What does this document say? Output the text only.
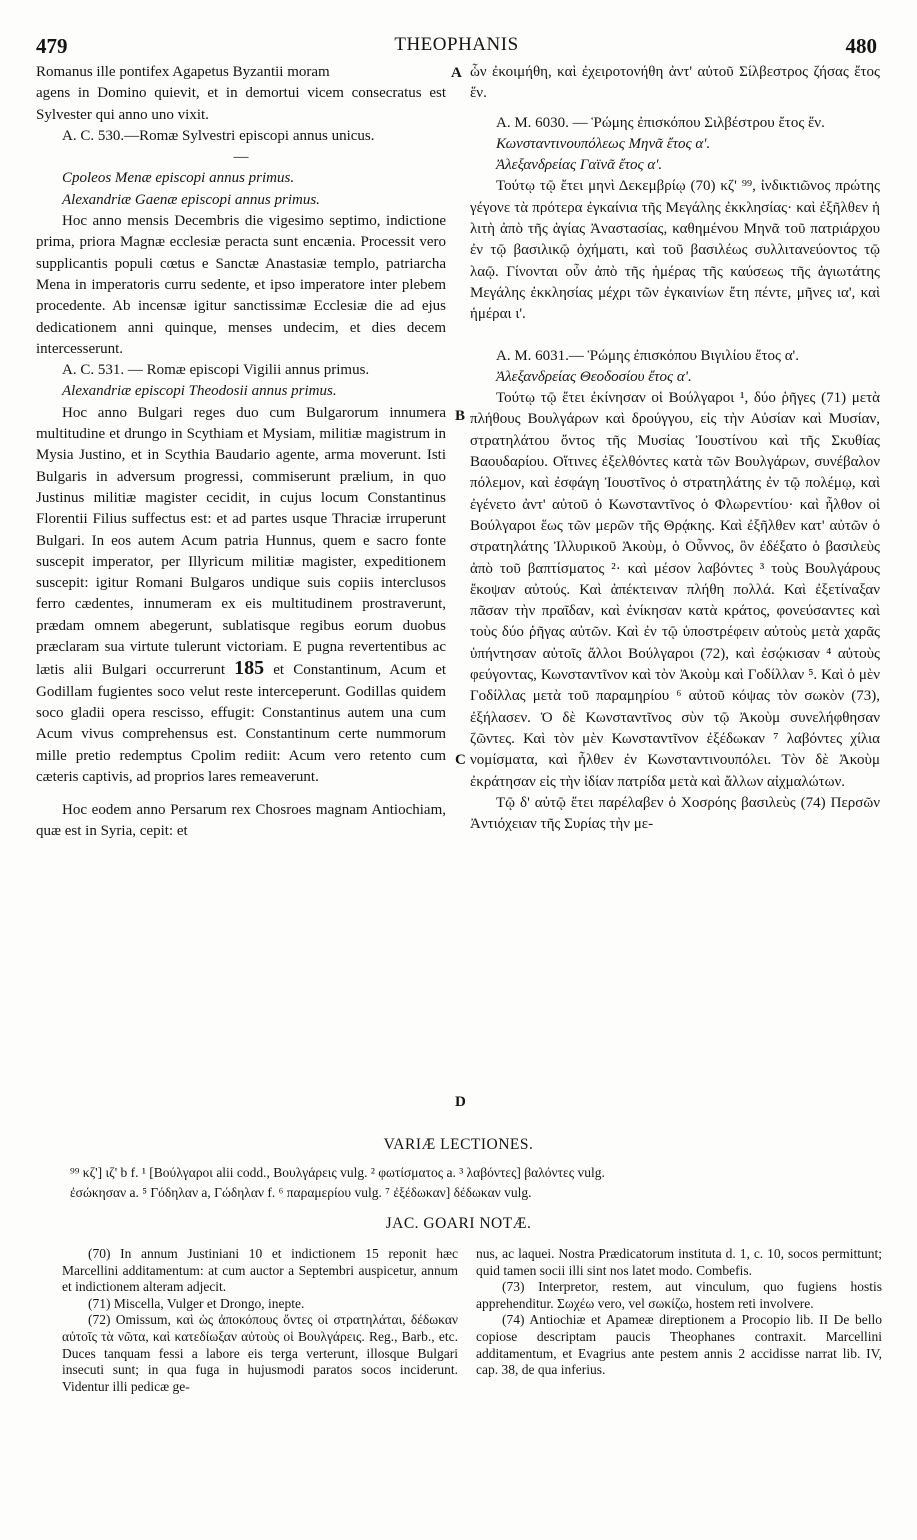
479	THEOPHANIS	480

Romanus ille pontifex Agapetus Byzantii moram

agens in Domino quievit, et in demortui vicem consecratus est Sylvester qui anno uno vixit.

A. C. 530.—Romæ Sylvestri episcopi annus unicus.

—

Cpoleos Menæ episcopi annus primus.

Alexandriæ Gaenæ episcopi annus primus.

Hoc anno mensis Decembris die vigesimo septimo, indictione prima, priora Magnæ ecclesiæ peracta sunt encænia. Processit vero supplicantis populi cœtus e Sanctæ Anastasiæ templo, patriarcha Mena in imperatoris curru sedente, et ipso imperatore inter plebem procedente. Ab incensæ igitur sanctissimæ Ecclesiæ die ad ejus dedicationem anni quinque, menses undecim, et dies decem intercesserunt.

A. C. 531. — Romæ episcopi Vigilii annus primus.

Alexandriæ episcopi Theodosii annus primus.

Hoc anno Bulgari reges duo cum Bulgarorum innumera multitudine et drungo in Scythiam et Mysiam, militiæ magistrum in Mysia Justino, et in Scythia Baudario agente, arma moverunt. Isti Bulgaris in adversum progressi, commiserunt prælium, in quo Justinus militiæ magister cecidit, in cujus locum Constantinus Florentii Filius suffectus est: et ad partes usque Thraciæ irruperunt Bulgari. In eos autem Acum patria Hunnus, quem e sacro fonte suscepit imperator, per Illyricum militiæ magister, expeditionem suscepit: igitur Romani Bulgaros undique suis copiis interclusos ferro cædentes, innumeram ex eis multitudinem prostraverunt, prædam omnem abegerunt, sublatisque regibus eorum duobus præclaram sua virtute tulerunt victoriam. E pugna revertentibus ac lætis alii Bulgari occurrerunt 185 et Constantinum, Acum et Godillam fugientes soco velut reste interceperunt. Godillas quidem soco gladii opera rescisso, effugit: Constantinus autem una cum Acum vivus comprehensus est. Constantinum certe nummorum mille pretio redemptus Cpolim rediit: Acum vero retento cum cæteris captivis, ad proprios lares remeaverunt.

Hoc eodem anno Persarum rex Chosroes magnam Antiochiam, quæ est in Syria, cepit: et

A
B
C
D

ὧν ἐκοιμήθη, καὶ ἐχειροτονήθη ἀντ' αὐτοῦ Σίλβεστρος ζήσας ἔτος ἕν.

A. M. 6030. — Ῥώμης ἐπισκόπου Σιλβέστρου ἔτος ἕν.

Κωνσταντινουπόλεως Μηνᾶ ἔτος α'.

Ἀλεξανδρείας Γαϊνᾶ ἔτος α'.

Τούτῳ τῷ ἔτει μηνὶ Δεκεμβρίῳ (70) κζ' ⁹⁹, ἰνδικτιῶνος πρώτης γέγονε τὰ πρότερα ἐγκαίνια τῆς Μεγάλης ἐκκλησίας· καὶ ἐξῆλθεν ἡ λιτὴ ἀπὸ τῆς ἁγίας Ἀναστασίας, καθημένου Μηνᾶ τοῦ πατριάρχου ἐν τῷ βασιλικῷ ὀχήματι, καὶ τοῦ βασιλέως συλλιτανεύοντος τῷ λαῷ. Γίνονται οὖν ἀπὸ τῆς ἡμέρας τῆς καύσεως τῆς ἁγιωτάτης Μεγάλης ἐκκλησίας μέχρι τῶν ἐγκαινίων ἔτη πέντε, μῆνες ια', καὶ ἡμέραι ι'.

A. M. 6031.— Ῥώμης ἐπισκόπου Βιγιλίου ἔτος α'.

Ἀλεξανδρείας Θεοδοσίου ἔτος α'.

Τούτῳ τῷ ἔτει ἐκίνησαν οἱ Βούλγαροι ¹, δύο ῥῆγες (71) μετὰ πλήθους Βουλγάρων καὶ δρούγγου, εἰς τὴν Αὐσίαν καὶ Μυσίαν, στρατηλάτου ὄντος τῆς Μυσίας Ἰουστίνου καὶ τῆς Σκυθίας Βαουδαρίου. Οἵτινες ἐξελθόντες κατὰ τῶν Βουλγάρων, συνέβαλον πόλεμον, καὶ ἐσφάγη Ἰουστῖνος ὁ στρατηλάτης ἐν τῷ πολέμῳ, καὶ ἐγένετο ἀντ' αὐτοῦ ὁ Κωνσταντῖνος ὁ Φλωρεντίου· καὶ ἦλθον οἱ Βούλγαροι ἕως τῶν μερῶν τῆς Θρᾴκης. Καὶ ἐξῆλθεν κατ' αὐτῶν ὁ στρατηλάτης Ἰλλυρικοῦ Ἀκοὺμ, ὁ Οὖννος, ὃν ἐδέξατο ὁ βασιλεὺς ἀπὸ τοῦ βαπτίσματος ²· καὶ μέσον λαβόντες ³ τοὺς Βουλγάρους ἔκοψαν αὐτούς. Καὶ ἀπέκτειναν πλήθη πολλά. Καὶ ἐξετίναξαν πᾶσαν τὴν πραῖδαν, καὶ ἐνίκησαν κατὰ κράτος, φονεύσαντες καὶ τοὺς δύο ῥῆγας αὐτῶν. Καὶ ἐν τῷ ὑποστρέφειν αὐτοὺς μετὰ χαρᾶς ὑπήντησαν αὐτοῖς ἄλλοι Βούλγαροι (72), καὶ ἐσῴκισαν ⁴ αὐτοὺς φεύγοντας, Κωνσταντῖνον καὶ τὸν Ἀκοὺμ καὶ Γοδίλλαν ⁵. Καὶ ὁ μὲν Γοδίλλας μετὰ τοῦ παραμηρίου ⁶ αὐτοῦ κόψας τὸν σωκὸν (73), ἐξήλασεν. Ὁ δὲ Κωνσταντῖνος σὺν τῷ Ἀκοὺμ συνελήφθησαν ζῶντες. Καὶ τὸν μὲν Κωνσταντῖνον ἐξέδωκαν ⁷ λαβόντες χίλια νομίσματα, καὶ ἦλθεν ἐν Κωνσταντινουπόλει. Τὸν δὲ Ἀκοὺμ ἐκράτησαν εἰς τὴν ἰδίαν πατρίδα μετὰ καὶ ἄλλων αἰχμαλώτων.

Τῷ δ' αὐτῷ ἔτει παρέλαβεν ὁ Χοσρόης βασιλεὺς (74) Περσῶν Ἀντιόχειαν τῆς Συρίας τὴν με-

VARIÆ LECTIONES.
⁹⁹ κζ'] ιζ' b f. ¹ [Βούλγαροι alii codd., Βουλγάρεις vulg. ² φωτίσματος a. ³ λαβόντες] βαλόντες vulg.
ἐσώκησαν a. ⁵ Γόδηλαν a, Γώδηλαν f. ⁶ παραμερίου vulg. ⁷ ἐξέδωκαν] δέδωκαν vulg.
JAC. GOARI NOTÆ.

(70) In annum Justiniani 10 et indictionem 15 reponit hæc Marcellini additamentum: at cum auctor a Septembri auspicetur, annum et indictionem alteram adjecit.

(71) Miscella, Vulger et Drongo, inepte.

(72) Omissum, καὶ ὡς ἀποκόπους ὄντες οἱ στρατηλάται, δέδωκαν αὐτοῖς τὰ νῶτα, καὶ κατεδίωξαν αὐτοὺς οἱ Βουλγάρεις. Reg., Barb., etc. Duces tanquam fessi a labore eis terga verterunt, illosque Bulgari insecuti sunt; in qua fuga in hujusmodi paratos socos inciderunt. Videntur illi pedicæ ge-

nus, ac laquei. Nostra Prædicatorum instituta d. 1, c. 10, socos permittunt; quid tamen socii illi sint nos latet modo. Combefis.

(73) Interpretor, restem, aut vinculum, quo fugiens hostis apprehenditur. Σωχέω vero, vel σωκίζω, hostem reti involvere.

(74) Antiochiæ et Apameæ direptionem a Procopio lib. II De bello copiose descriptam paucis Theophanes contraxit. Marcellini additamentum, et Evagrius ante pestem annis 2 accidisse narrat lib. IV, cap. 38, de qua inferius.
